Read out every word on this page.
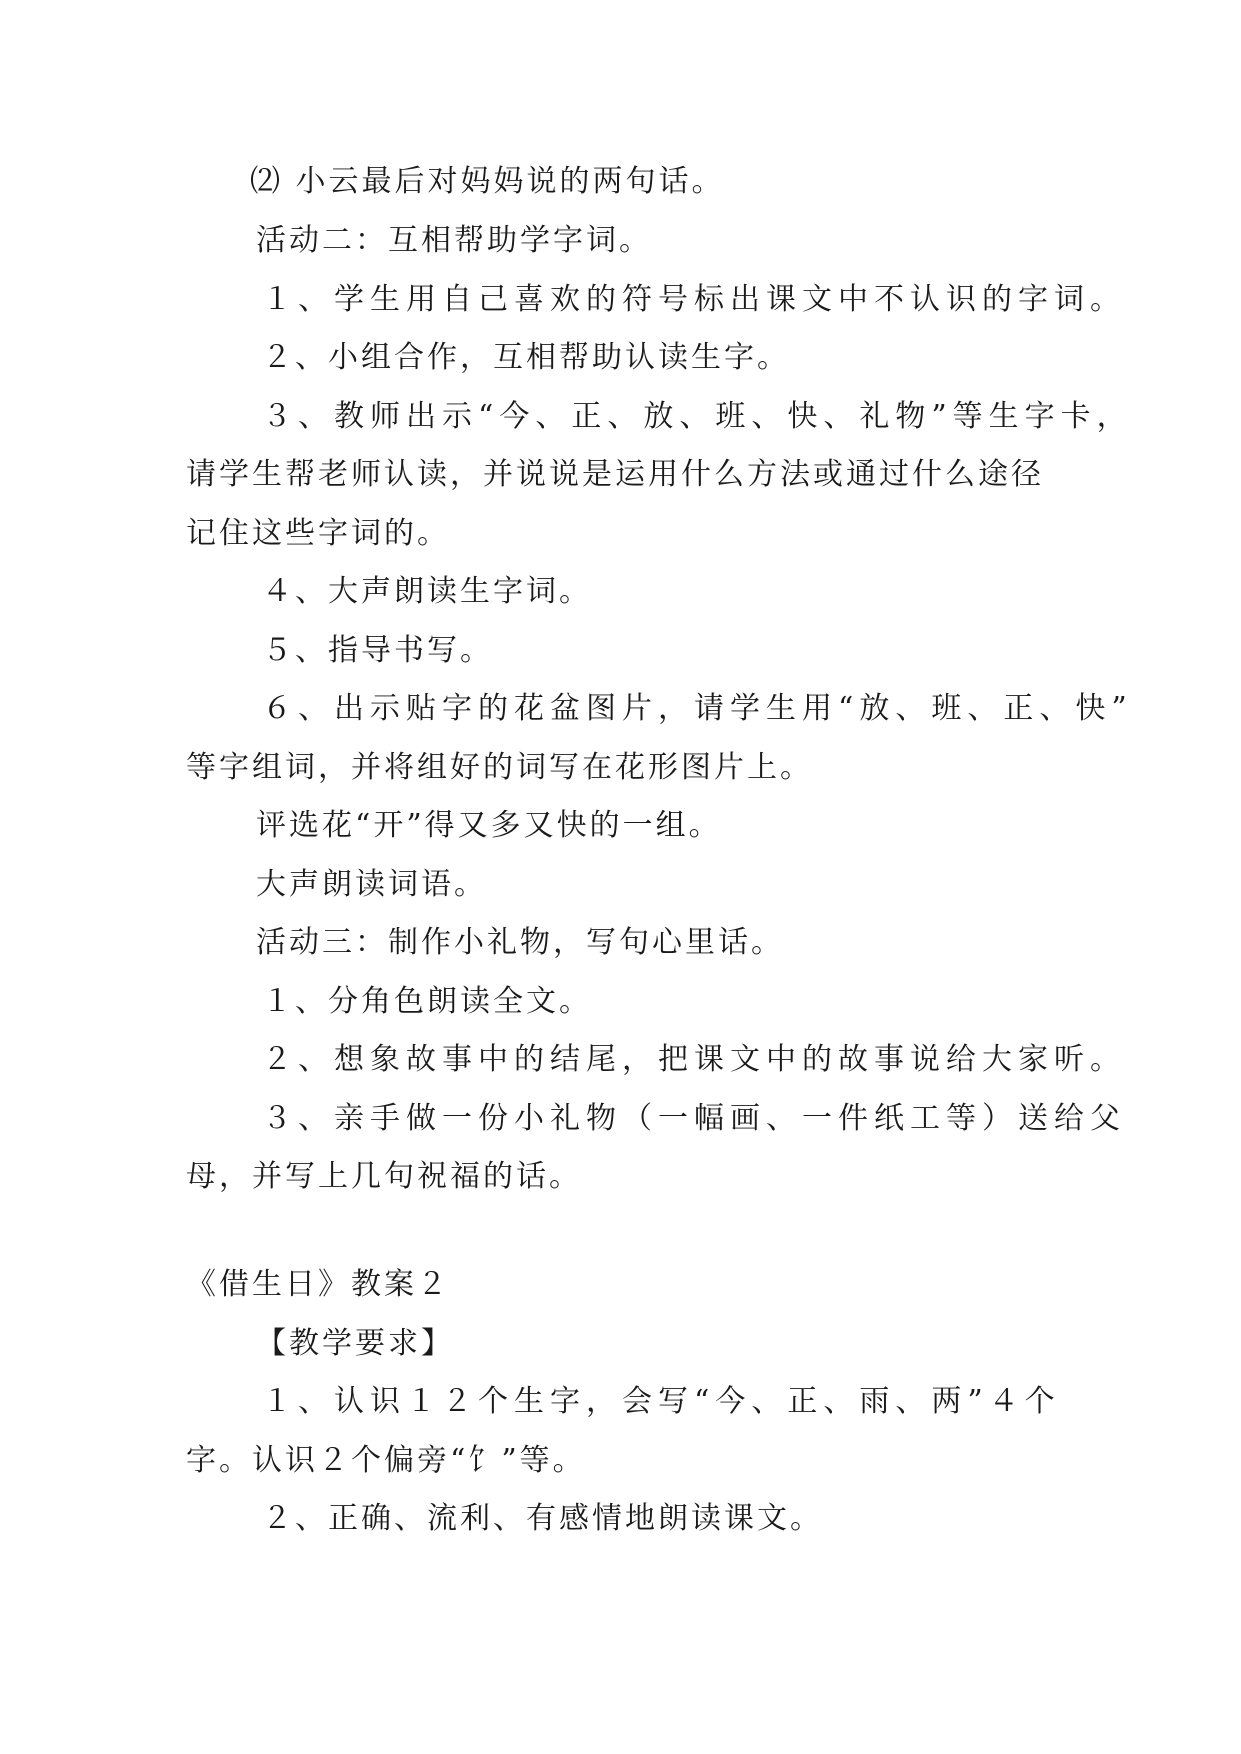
⑵ 小云最后对妈妈说的两句话。
活动二：互相帮助学字词。
１、学生用自己喜欢的符号标出课文中不认识的字词。
２、小组合作，互相帮助认读生字。
３、教师出示“今、正、放、班、快、礼物”等生字卡，
请学生帮老师认读，并说说是运用什么方法或通过什么途径
记住这些字词的。
４、大声朗读生字词。
５、指导书写。
６、出示贴字的花盆图片，请学生用“放、班、正、快”
等字组词，并将组好的词写在花形图片上。
评选花“开”得又多又快的一组。
大声朗读词语。
活动三：制作小礼物，写句心里话。
１、分角色朗读全文。
２、想象故事中的结尾，把课文中的故事说给大家听。
３、亲手做一份小礼物（一幅画、一件纸工等）送给父
母，并写上几句祝福的话。
《借生日》教案２
【教学要求】
１、认识１２个生字，会写“今、正、雨、两”４个
字。认识２个偏旁“饣”等。
２、正确、流利、有感情地朗读课文。
